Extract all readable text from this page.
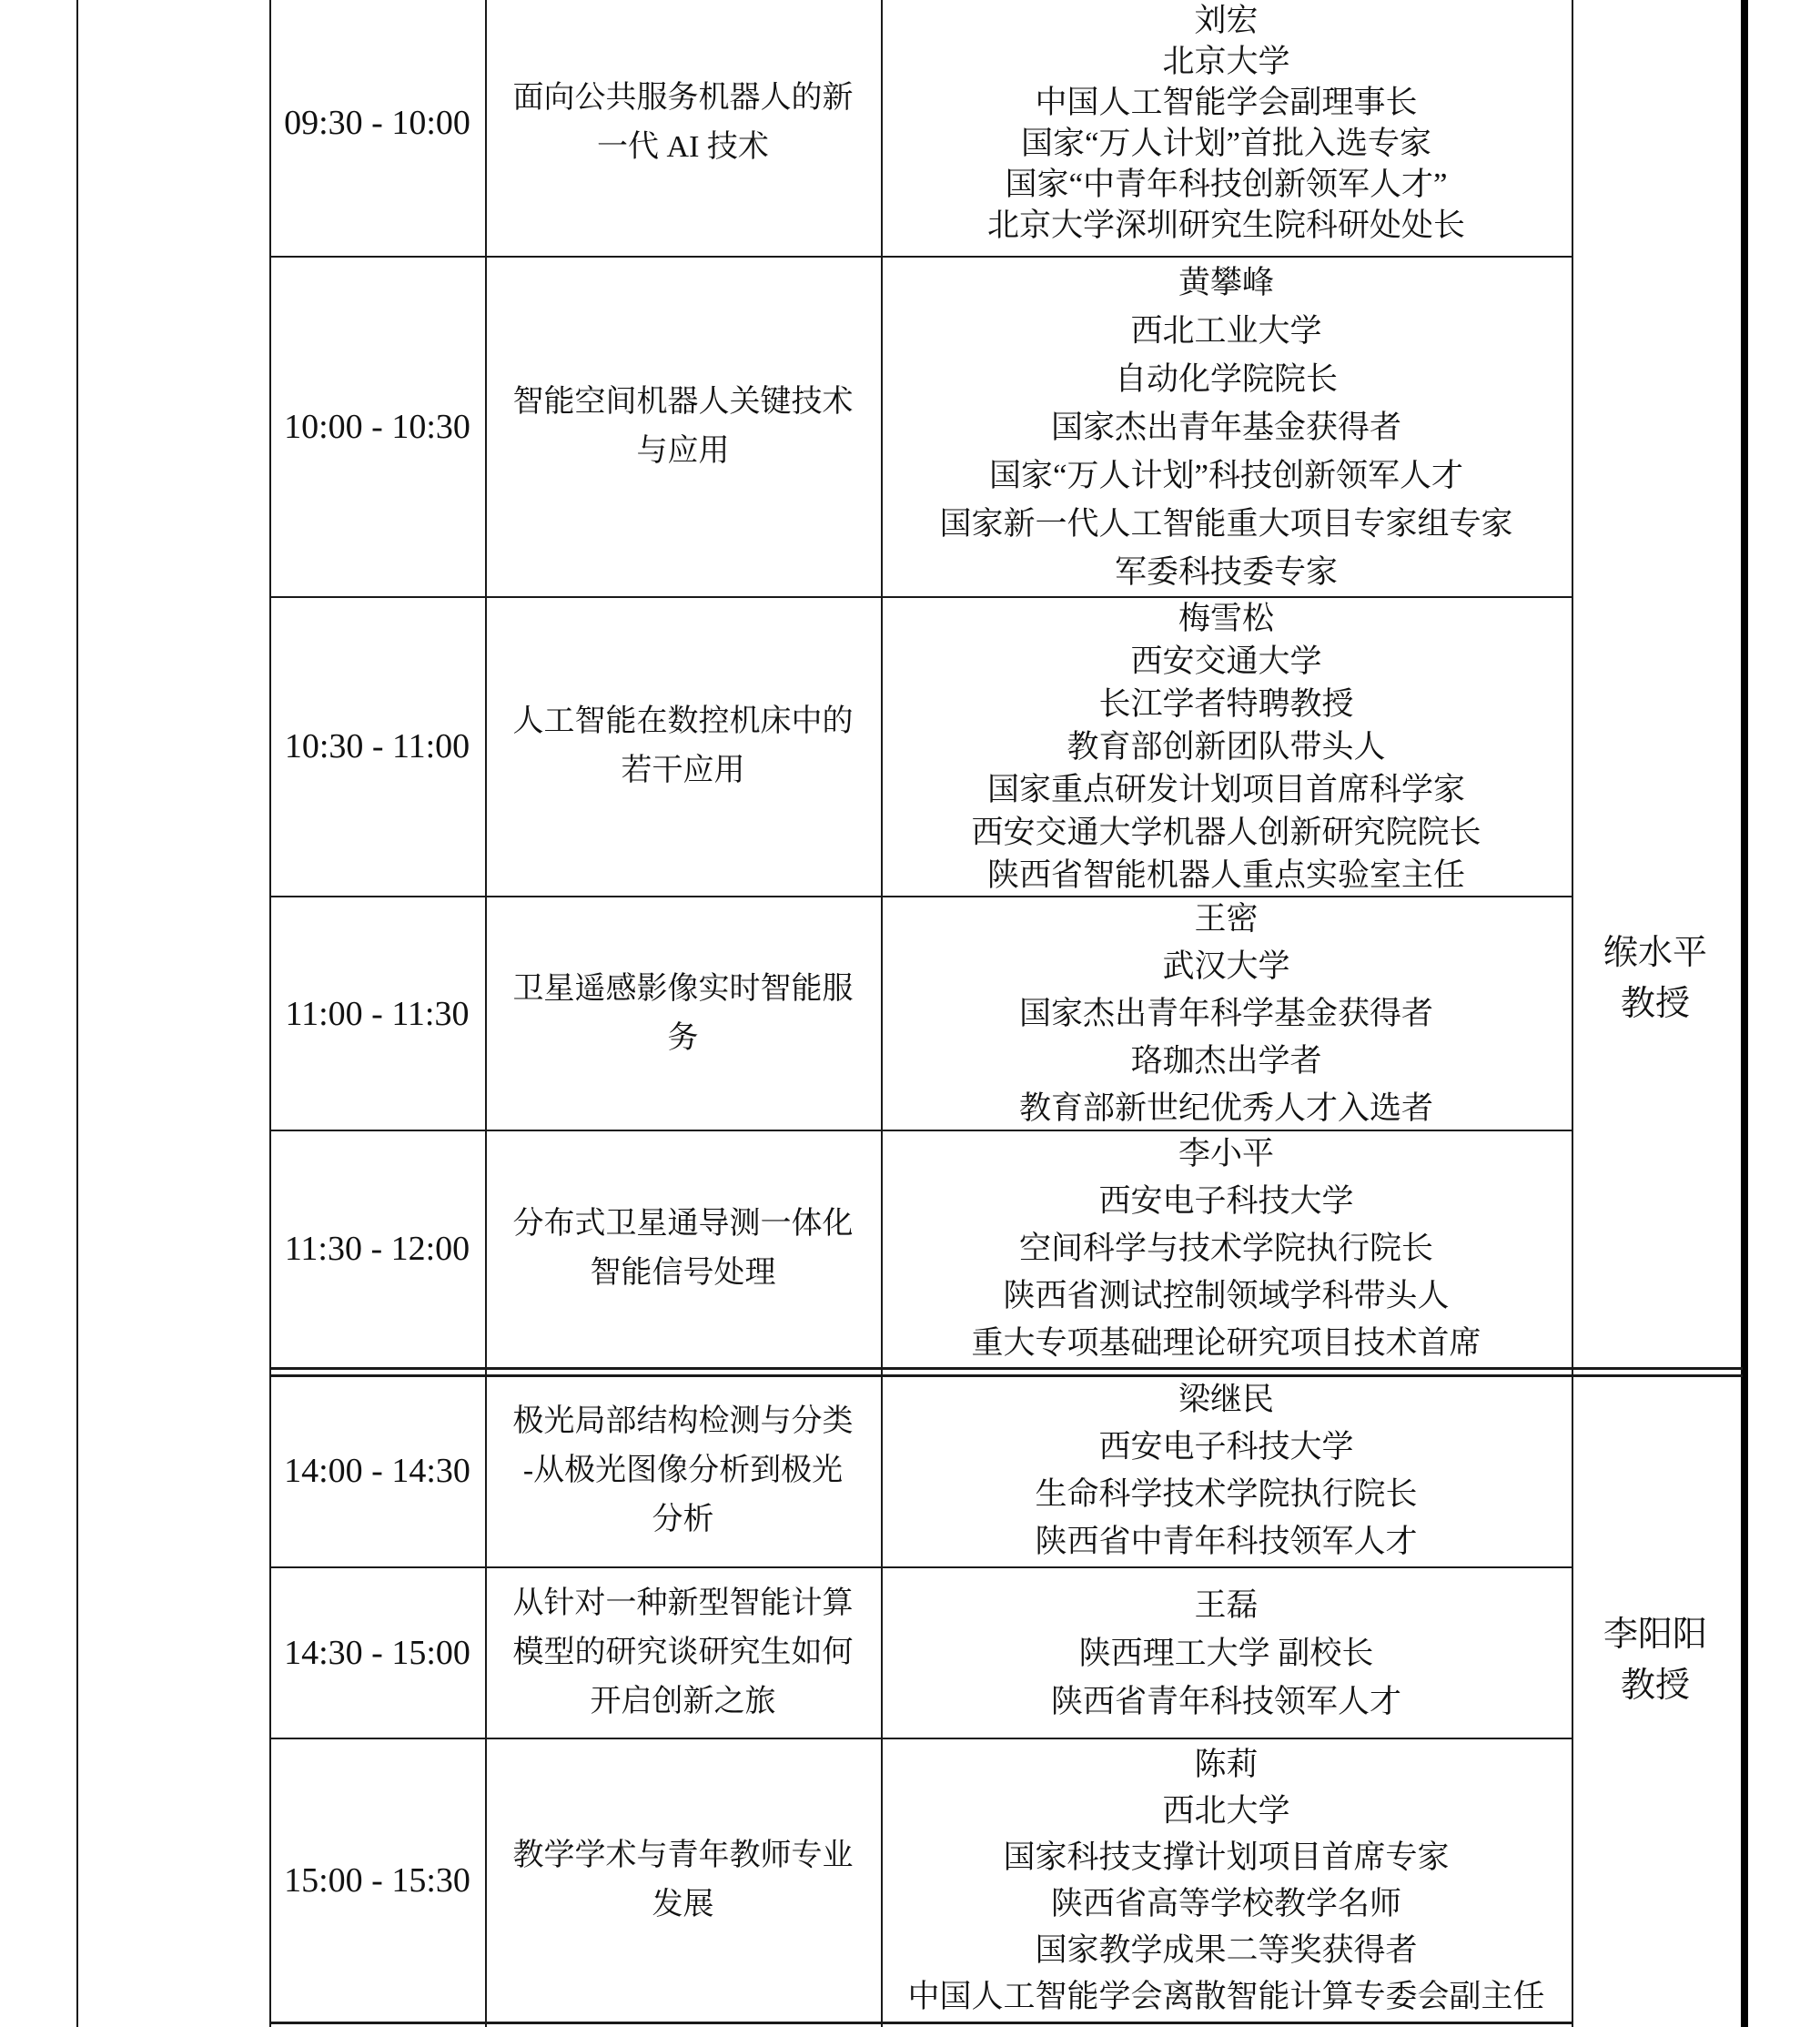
09:30 - 10:00
面向公共服务机器人的新
一代 AI 技术
刘宏
北京大学
中国人工智能学会副理事长
国家“万人计划”首批入选专家
国家“中青年科技创新领军人才”
北京大学深圳研究生院科研处处长
10:00 - 10:30
智能空间机器人关键技术
与应用
黄攀峰
西北工业大学
自动化学院院长
国家杰出青年基金获得者
国家“万人计划”科技创新领军人才
国家新一代人工智能重大项目专家组专家
军委科技委专家
10:30 - 11:00
人工智能在数控机床中的
若干应用
梅雪松
西安交通大学
长江学者特聘教授
教育部创新团队带头人
国家重点研发计划项目首席科学家
西安交通大学机器人创新研究院院长
陕西省智能机器人重点实验室主任
11:00 - 11:30
卫星遥感影像实时智能服
务
王密
武汉大学
国家杰出青年科学基金获得者
珞珈杰出学者
教育部新世纪优秀人才入选者
11:30 - 12:00
分布式卫星通导测一体化
智能信号处理
李小平
西安电子科技大学
空间科学与技术学院执行院长
陕西省测试控制领域学科带头人
重大专项基础理论研究项目技术首席
14:00 - 14:30
极光局部结构检测与分类
-从极光图像分析到极光
分析
梁继民
西安电子科技大学
生命科学技术学院执行院长
陕西省中青年科技领军人才
14:30 - 15:00
从针对一种新型智能计算
模型的研究谈研究生如何
开启创新之旅
王磊
陕西理工大学 副校长
陕西省青年科技领军人才
15:00 - 15:30
教学学术与青年教师专业
发展
陈莉
西北大学
国家科技支撑计划项目首席专家
陕西省高等学校教学名师
国家教学成果二等奖获得者
中国人工智能学会离散智能计算专委会副主任
缑水平
教授
李阳阳
教授
